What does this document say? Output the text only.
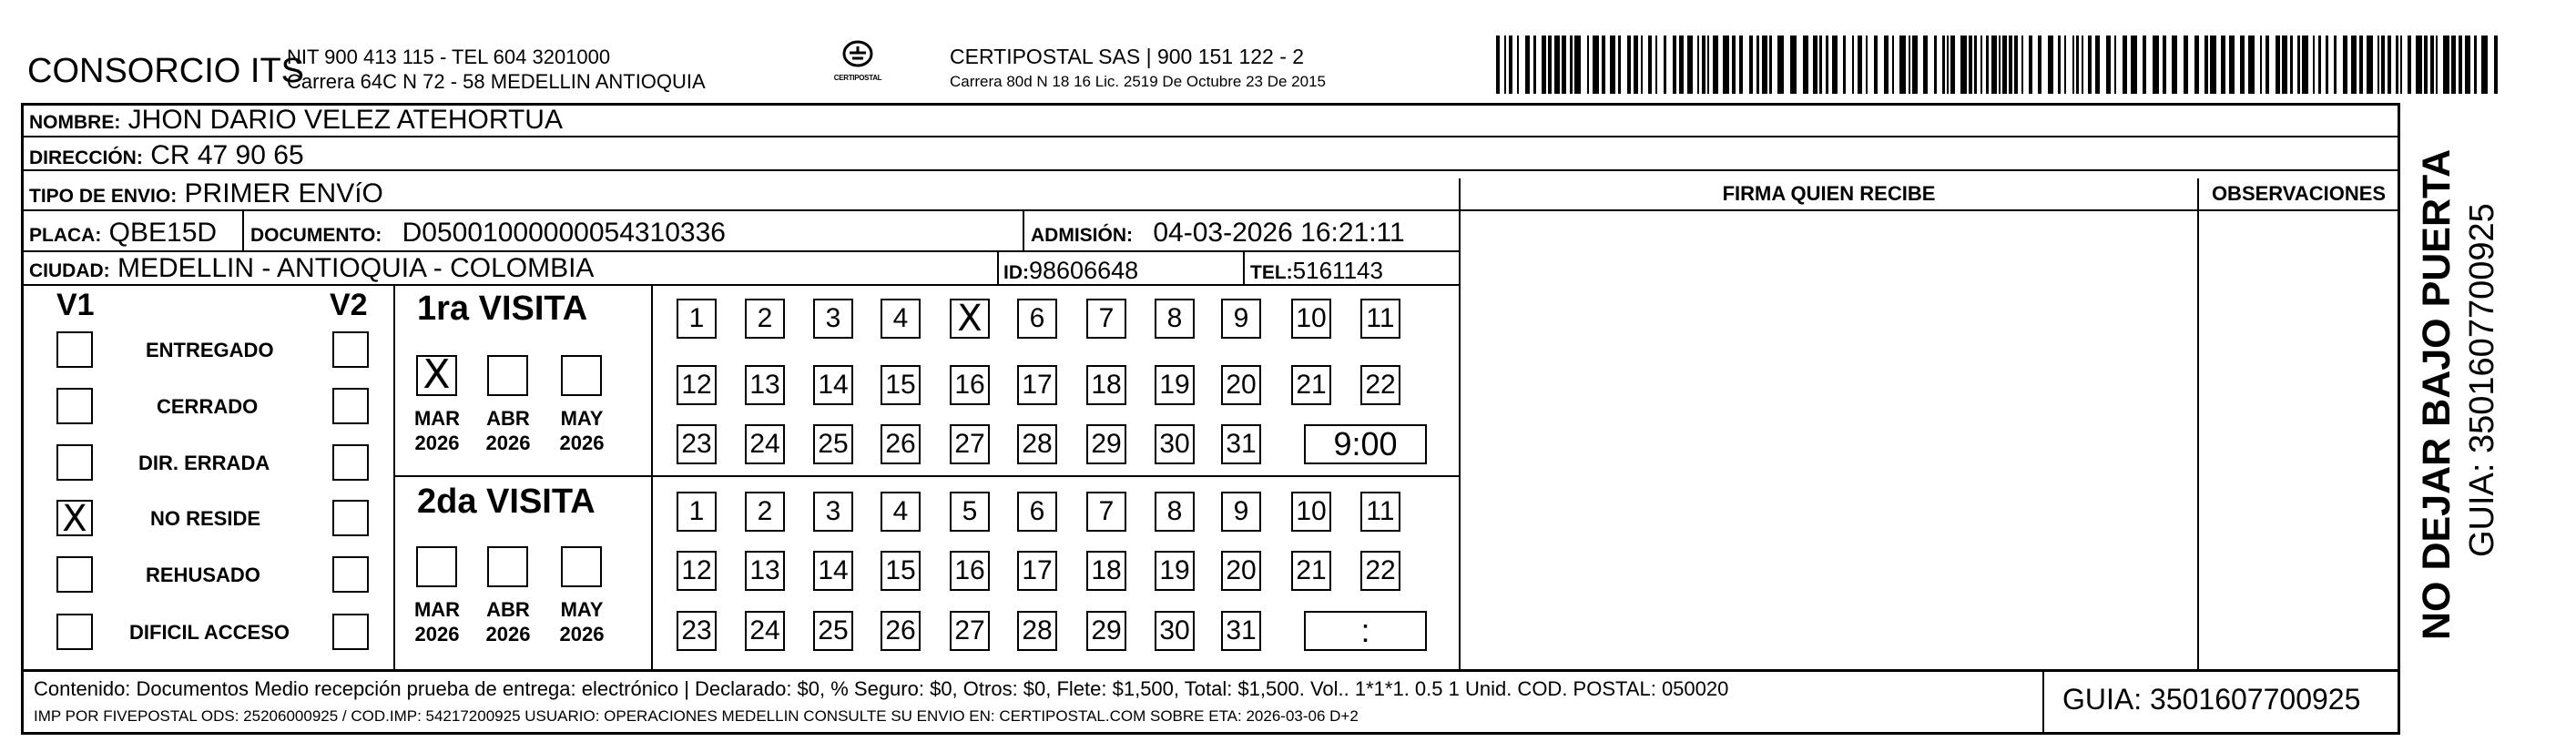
CONSORCIO ITS
NIT 900 413 115 - TEL 604 3201000
Carrera 64C N 72 - 58 MEDELLIN ANTIOQUIA	CERTIPOSTAL
CERTIPOSTAL SAS | 900 151 122 - 2
Carrera 80d N 18 16 Lic. 2519 De Octubre 23 De 2015
NOMBRE: JHON DARIO VELEZ ATEHORTUA
DIRECCIÓN: CR 47 90 65
TIPO DE ENVIO: PRIMER ENVíO	FIRMA QUIEN RECIBE	OBSERVACIONES
PLACA: QBE15D DOCUMENTO: D05001000000054310336	ADMISIÓN: 04-03-2026 16:21:11
CIUDAD: MEDELLIN - ANTIOQUIA - COLOMBIA	ID:98606648	TEL:5161143
V1	V2
ENTREGADO
CERRADO
DIR. ERRADA
X	NO RESIDE
REHUSADO
DIFICIL ACCESO
1ra VISITA
X
MAR
2026
ABR
2026
MAY
2026
1	2	3	4	X	6	7	8	9	10 11
12 13 14 15 16 17 18 19 20 21 22
23 24 25 26 27 28 29 30 31	9:00
2da VISITA
MAR
2026
ABR
2026
MAY
2026
1	2	3	4	5	6	7	8	9	10 11
12 13 14 15 16 17 18 19 20 21 22
23 24 25 26 27 28 29 30 31	:
Contenido: Documentos Medio recepción prueba de entrega: electrónico | Declarado: $0, % Seguro: $0, Otros: $0, Flete: $1,500, Total: $1,500. Vol.. 1*1*1. 0.5 1 Unid. COD. POSTAL: 050020
IMP POR FIVEPOSTAL ODS: 25206000925 / COD.IMP: 54217200925 USUARIO: OPERACIONES MEDELLIN CONSULTE SU ENVIO EN: CERTIPOSTAL.COM SOBRE ETA: 2026-03-06 D+2
GUIA: 3501607700925
NO DEJAR BAJO PUERTA GUIA: 3501607700925
